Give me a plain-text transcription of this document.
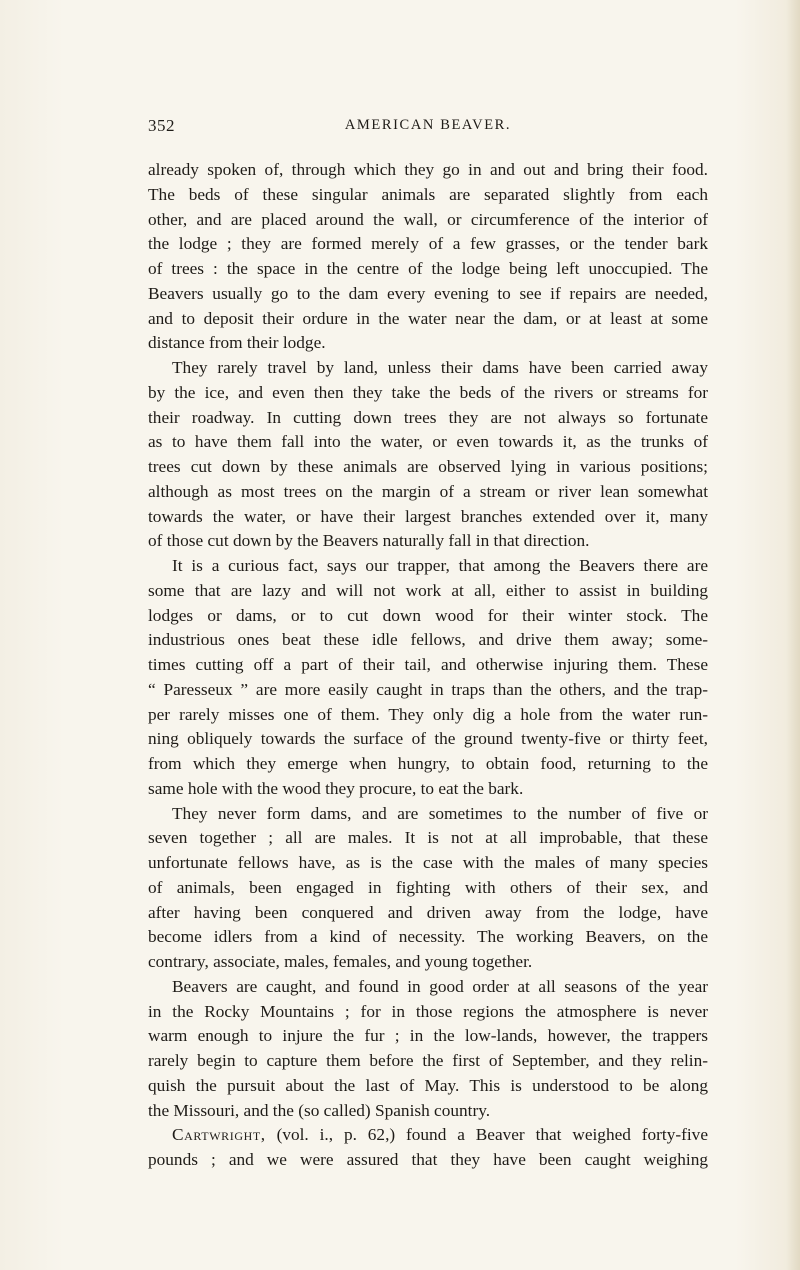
352	AMERICAN BEAVER.
already spoken of, through which they go in and out and bring their food.
The beds of these singular animals are separated slightly from each
other, and are placed around the wall, or circumference of the interior of
the lodge ; they are formed merely of a few grasses, or the tender bark
of trees : the space in the centre of the lodge being left unoccupied. The
Beavers usually go to the dam every evening to see if repairs are needed,
and to deposit their ordure in the water near the dam, or at least at some
distance from their lodge.
They rarely travel by land, unless their dams have been carried away
by the ice, and even then they take the beds of the rivers or streams for
their roadway. In cutting down trees they are not always so fortunate
as to have them fall into the water, or even towards it, as the trunks of
trees cut down by these animals are observed lying in various positions;
although as most trees on the margin of a stream or river lean somewhat
towards the water, or have their largest branches extended over it, many
of those cut down by the Beavers naturally fall in that direction.
It is a curious fact, says our trapper, that among the Beavers there are
some that are lazy and will not work at all, either to assist in building
lodges or dams, or to cut down wood for their winter stock. The
industrious ones beat these idle fellows, and drive them away; some-
times cutting off a part of their tail, and otherwise injuring them. These
“ Paresseux ” are more easily caught in traps than the others, and the trap-
per rarely misses one of them. They only dig a hole from the water run-
ning obliquely towards the surface of the ground twenty-five or thirty feet,
from which they emerge when hungry, to obtain food, returning to the
same hole with the wood they procure, to eat the bark.
They never form dams, and are sometimes to the number of five or
seven together ; all are males. It is not at all improbable, that these
unfortunate fellows have, as is the case with the males of many species
of animals, been engaged in fighting with others of their sex, and
after having been conquered and driven away from the lodge, have
become idlers from a kind of necessity. The working Beavers, on the
contrary, associate, males, females, and young together.
Beavers are caught, and found in good order at all seasons of the year
in the Rocky Mountains ; for in those regions the atmosphere is never
warm enough to injure the fur ; in the low-lands, however, the trappers
rarely begin to capture them before the first of September, and they relin-
quish the pursuit about the last of May. This is understood to be along
the Missouri, and the (so called) Spanish country.
Cartwright, (vol. i., p. 62,) found a Beaver that weighed forty-five
pounds ; and we were assured that they have been caught weighing
